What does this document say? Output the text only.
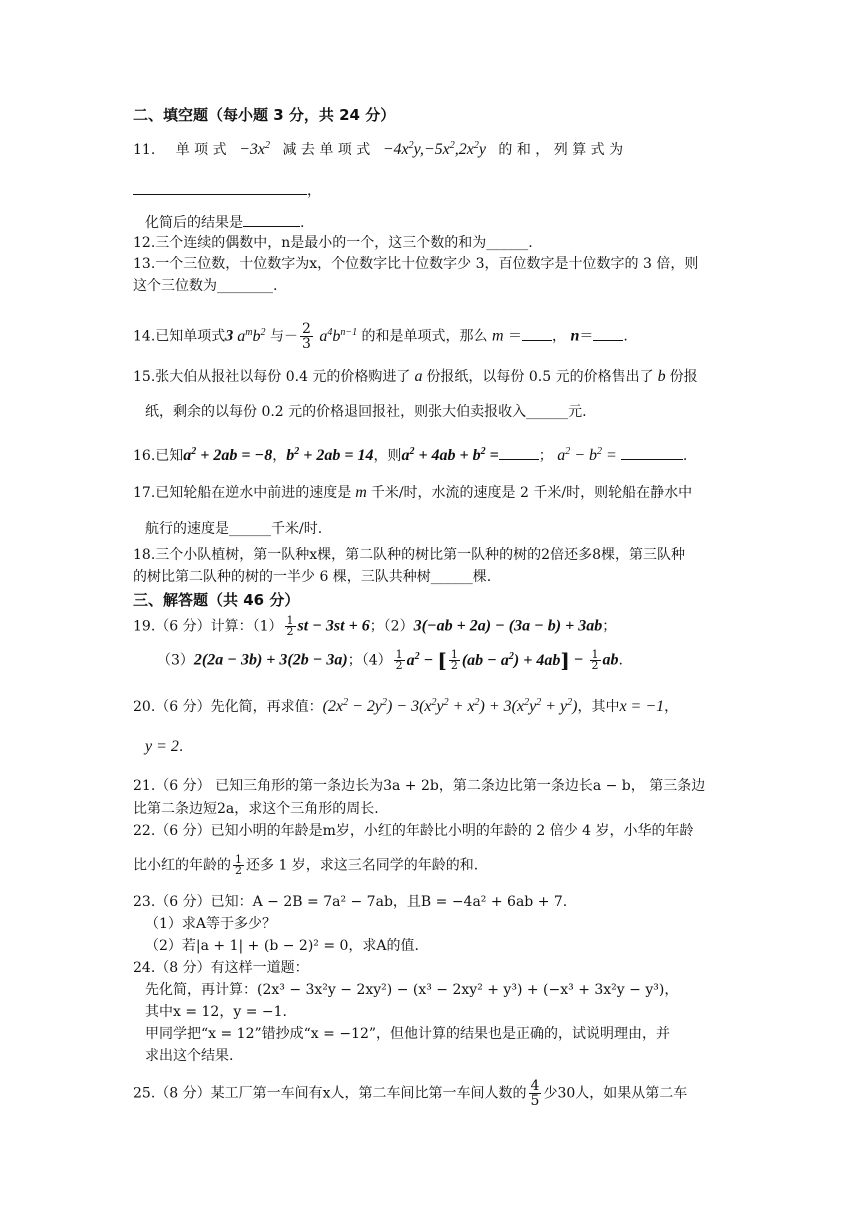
二、填空题（每小题 3 分，共 24 分）
11. 单 项 式 $-3x^2$ 减 去 单 项 式 $-4x^2y,-5x^2,2x^2y$ 的 和 ， 列 算 式 为
，
化简后的结果是	.
12.三个连续的偶数中，n是最小的一个，这三个数的和为______.
13.一个三位数，十位数字为x，个位数字比十位数字少 3，百位数字是十位数字的 3 倍，则
这个三位数为________.
14.已知单项式3 $a^mb^2$ 与－ $\frac{2}{3} a^4b^{n-1}$ 的和是单项式，那么 m ＝ ， n＝ .
15.张大伯从报社以每份 0.4 元的价格购进了 a 份报纸，以每份 0.5 元的价格售出了 b 份报
纸，剩余的以每份 0.2 元的价格退回报社，则张大伯卖报收入______元.
16.已知$a^2 + 2ab = -8$，$b^2 + 2ab = 14$，则$a^2 + 4ab + b^2$ =	； $a^2 - b^2$ =	.
17.已知轮船在逆水中前进的速度是 m 千米/时，水流的速度是 2 千米/时，则轮船在静水中
航行的速度是______千米/时.
18.三个小队植树，第一队种x棵，第二队种的树比第一队种的树的2倍还多8棵，第三队种
的树比第二队种的树的一半少 6 棵，三队共种树______棵.
三、解答题（共 46 分）
19.（6 分）计算：$(1) \frac{1}{2}$ st − 3st + 6；（2）3(−ab + 2a) − (3a − b) + 3ab；
（3）2(2a − 3b) + 3(2b − 3a)；$(4) \frac{1}{2} a^2$ − [ $\frac{1}{2} (ab - a^2) + 4ab] - \frac{1}{2}$ ab.
20.（6 分）先化简，再求值：$(2x^2 - 2y^2) - 3(x^2y^2 + x^2) + 3(x^2y^2 + y^2)$，其中x = −1，
y = 2.
21.（6 分） 已知三角形的第一条边长为3a + 2b，第二条边比第一条边长a − b， 第三条边
比第二条边短2a，求这个三角形的周长.
22.（6 分）已知小明的年龄是m岁，小红的年龄比小明的年龄的 2 倍少 4 岁，小华的年龄
比小红的年龄的 $\frac{1}{2}$ 还多 1 岁，求这三名同学的年龄的和.
23.（6 分）已知：A − 2B = 7a² − 7ab，且B = −4a² + 6ab + 7.
（1）求A等于多少？
（2）若|a + 1| + (b − 2)² = 0，求A的值.
24.（8 分）有这样一道题：
先化简，再计算：(2x³ − 3x²y − 2xy²) − (x³ − 2xy² + y³) + (−x³ + 3x²y − y³)，
其中x = 12，y = −1.
甲同学把“x = 12”错抄成“x = −12”，但他计算的结果也是正确的，试说明理由，并
求出这个结果.
25.（8 分）某工厂第一车间有x人，第二车间比第一车间人数的 $\frac{4}{5}$ 少30人，如果从第二车
